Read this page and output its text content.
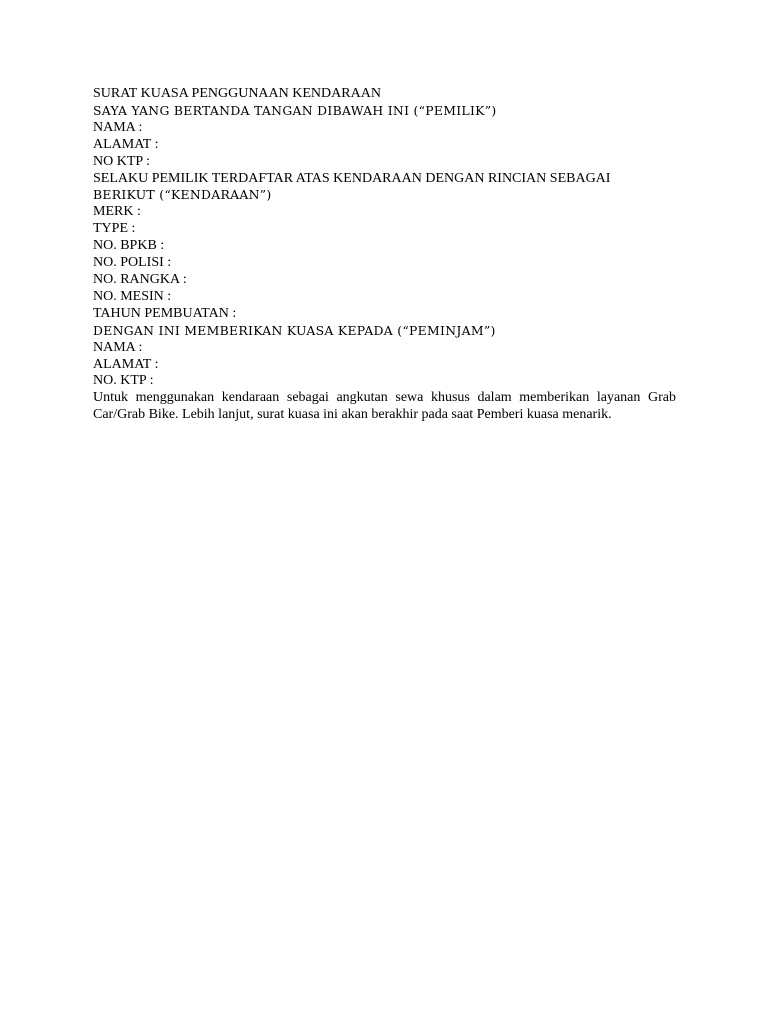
SURAT KUASA PENGGUNAAN KENDARAAN
SAYA YANG BERTANDA TANGAN DIBAWAH INI (“PEMILIK”)
NAMA :
ALAMAT :
NO KTP :
SELAKU PEMILIK TERDAFTAR ATAS KENDARAAN DENGAN RINCIAN SEBAGAI
BERIKUT (“KENDARAAN”)
MERK :
TYPE :
NO. BPKB :
NO. POLISI :
NO. RANGKA :
NO. MESIN :
TAHUN PEMBUATAN :
DENGAN INI MEMBERIKAN KUASA KEPADA (“PEMINJAM”)
NAMA :
ALAMAT :
NO. KTP :
Untuk menggunakan kendaraan sebagai angkutan sewa khusus dalam memberikan layanan Grab Car/Grab Bike. Lebih lanjut, surat kuasa ini akan berakhir pada saat Pemberi kuasa menarik.
